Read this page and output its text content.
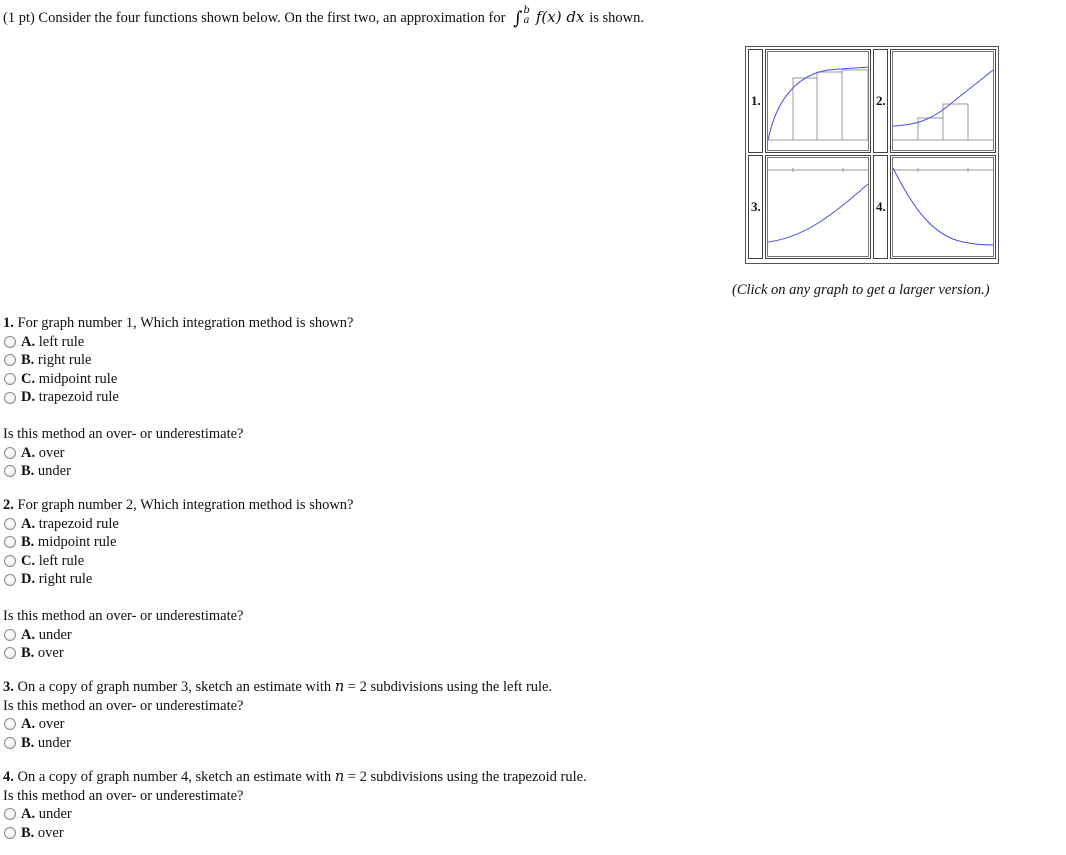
(1 pt) Consider the four functions shown below. On the first two, an approximation for ∫ b
a f(x) dx is shown.
1.		2.	

3.		4.	
(Click on any graph to get a larger version.)
1. For graph number 1, Which integration method is shown?
A.
left rule
B.
right rule
C.
midpoint rule
D.
trapezoid rule
Is this method an over- or underestimate?
A.
over
B.
under
2. For graph number 2, Which integration method is shown?
A.
trapezoid rule
B.
midpoint rule
C.
left rule
D.
right rule
Is this method an over- or underestimate?
A.
under
B.
over
3. On a copy of graph number 3, sketch an estimate with n = 2 subdivisions using the left rule.
Is this method an over- or underestimate?
A.
over
B.
under
4. On a copy of graph number 4, sketch an estimate with n = 2 subdivisions using the trapezoid rule.
Is this method an over- or underestimate?
A.
under
B.
over
